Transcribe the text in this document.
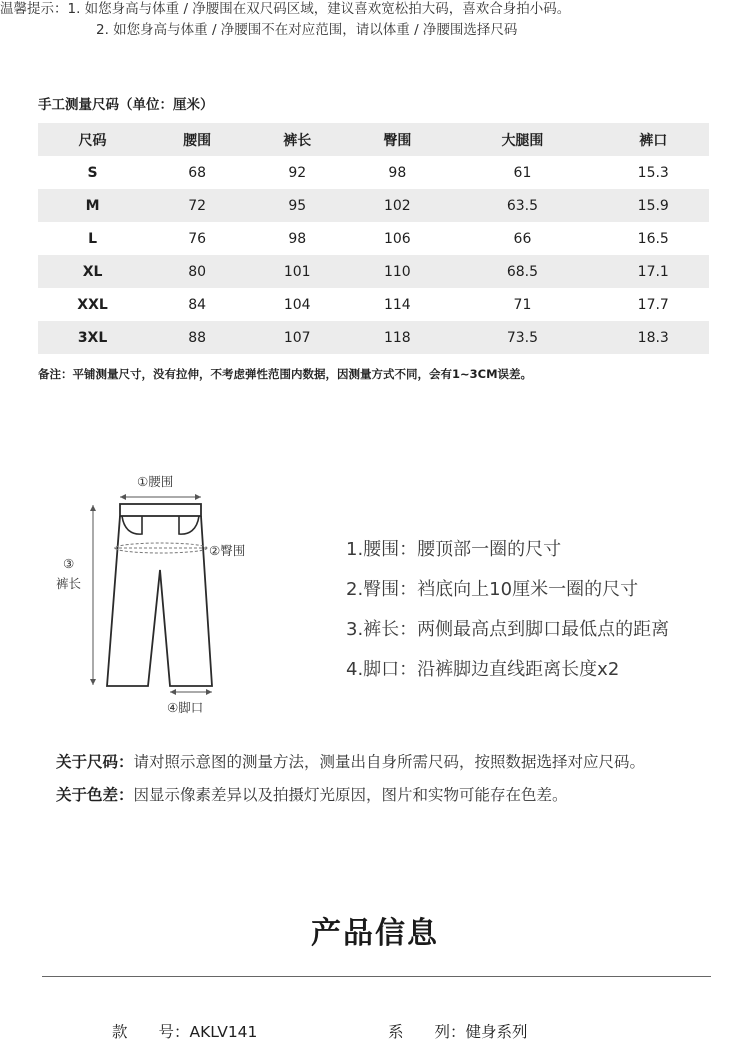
温馨提示：1. 如您身高与体重 / 净腰围在双尺码区域，建议喜欢宽松拍大码，喜欢合身拍小码。
2. 如您身高与体重 / 净腰围不在对应范围，请以体重 / 净腰围选择尺码
手工测量尺码（单位：厘米）
尺码	腰围	裤长	臀围	大腿围	裤口
S	68	92	98	61	15.3
M	72	95	102	63.5	15.9
L	76	98	106	66	16.5
XL	80	101	110	68.5	17.1
XXL	84	104	114	71	17.7
3XL	88	107	118	73.5	18.3
备注：平铺测量尺寸，没有拉伸，不考虑弹性范围内数据，因测量方式不同，会有1~3CM误差。
①腰围
②臀围
③
裤长
④脚口
1.腰围：腰顶部一圈的尺寸
2.臀围：裆底向上10厘米一圈的尺寸
3.裤长：两侧最高点到脚口最低点的距离
4.脚口：沿裤脚边直线距离长度x2
关于尺码：请对照示意图的测量方法，测量出自身所需尺码，按照数据选择对应尺码。
关于色差：因显示像素差异以及拍摄灯光原因，图片和实物可能存在色差。
产品信息
款　　号：AKLV141	系　　列：健身系列
